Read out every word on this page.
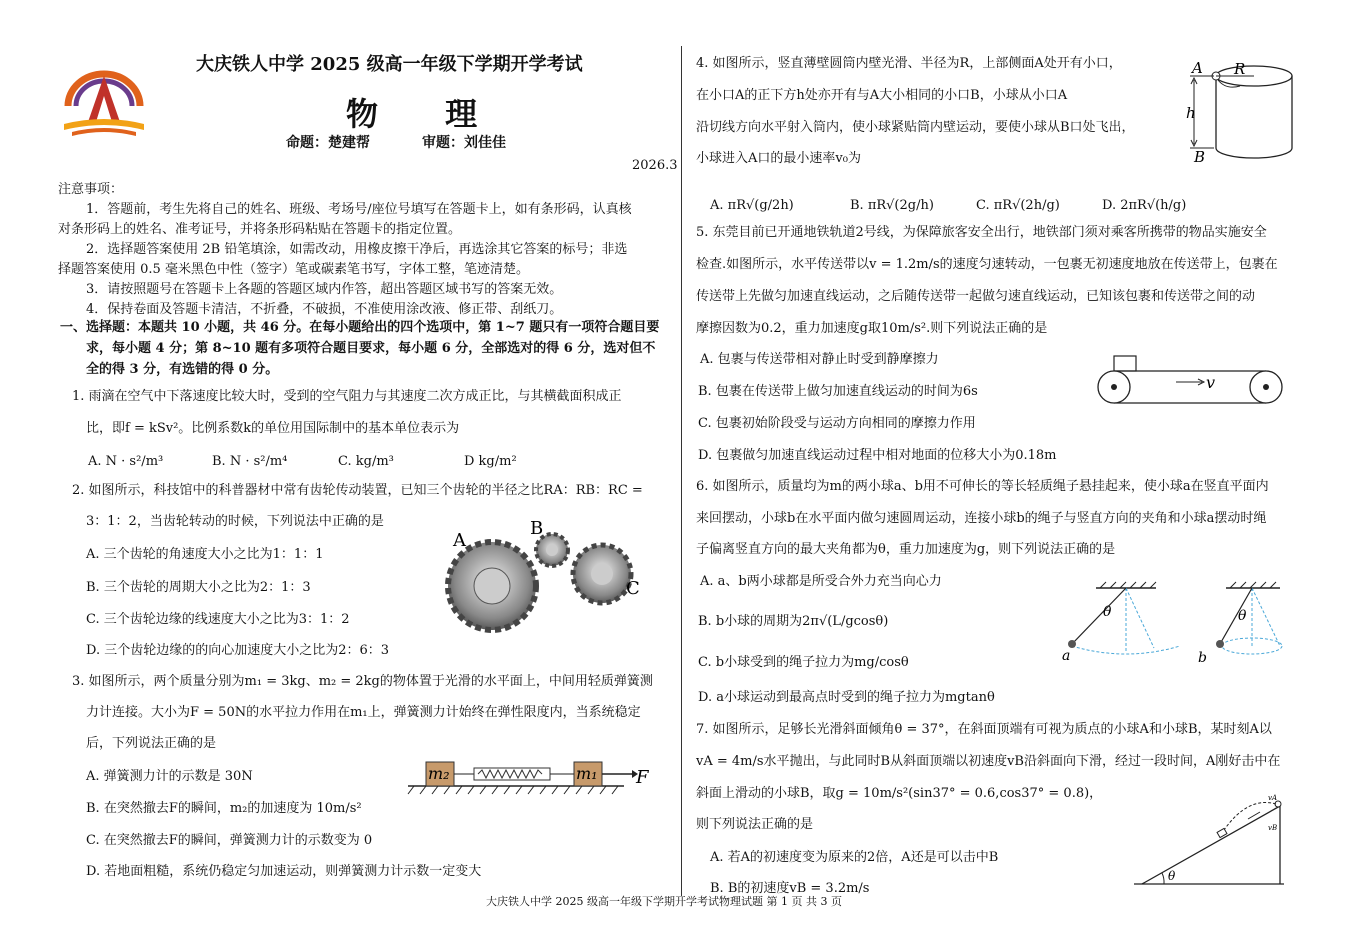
大庆铁人中学 2025 级高一年级下学期开学考试
物 理
命题：楚建帮	审题：刘佳佳
2026.3
注意事项：
1．答题前，考生先将自己的姓名、班级、考场号/座位号填写在答题卡上，如有条形码，认真核
对条形码上的姓名、准考证号，并将条形码粘贴在答题卡的指定位置。
2．选择题答案使用 2B 铅笔填涂，如需改动，用橡皮擦干净后，再选涂其它答案的标号；非选
择题答案使用 0.5 毫米黑色中性（签字）笔或碳素笔书写，字体工整，笔迹清楚。
3．请按照题号在答题卡上各题的答题区域内作答，超出答题区域书写的答案无效。
4．保持卷面及答题卡清洁，不折叠，不破损，不准使用涂改液、修正带、刮纸刀。
一、选择题：本题共 10 小题，共 46 分。在每小题给出的四个选项中，第 1~7 题只有一项符合题目要
求，每小题 4 分；第 8~10 题有多项符合题目要求，每小题 6 分，全部选对的得 6 分，选对但不
全的得 3 分，有选错的得 0 分。
1. 雨滴在空气中下落速度比较大时，受到的空气阻力与其速度二次方成正比，与其横截面积成正
比，即f = kSv²。比例系数k的单位用国际制中的基本单位表示为
A. N · s²/m³	B. N · s²/m⁴	C. kg/m³	D kg/m²
2. 如图所示，科技馆中的科普器材中常有齿轮传动装置，已知三个齿轮的半径之比RA：RB：RC =
3：1：2，当齿轮转动的时候，下列说法中正确的是
A. 三个齿轮的角速度大小之比为1：1：1
B. 三个齿轮的周期大小之比为2：1：3
C. 三个齿轮边缘的线速度大小之比为3：1：2
D. 三个齿轮边缘的的向心加速度大小之比为2：6：3
A
B
C
3. 如图所示，两个质量分别为m₁ = 3kg、m₂ = 2kg的物体置于光滑的水平面上，中间用轻质弹簧测
力计连接。大小为F = 50N的水平拉力作用在m₁上，弹簧测力计始终在弹性限度内，当系统稳定
后，下列说法正确的是
A. 弹簧测力计的示数是 30N
B. 在突然撤去F的瞬间，m₂的加速度为 10m/s²
C. 在突然撤去F的瞬间，弹簧测力计的示数变为 0
D. 若地面粗糙，系统仍稳定匀加速运动，则弹簧测力计示数一定变大
m₂	m₁ F
4. 如图所示，竖直薄壁圆筒内壁光滑、半径为R，上部侧面A处开有小口，
在小口A的正下方h处亦开有与A大小相同的小口B，小球从小口A
沿切线方向水平射入筒内，使小球紧贴筒内壁运动，要使小球从B口处飞出，
小球进入A口的最小速率v₀为
A. πR√(g/2h)	B. πR√(2g/h)	C. πR√(2h/g)	D. 2πR√(h/g)
A R
h
B
5. 东莞目前已开通地铁轨道2号线，为保障旅客安全出行，地铁部门须对乘客所携带的物品实施安全
检查.如图所示，水平传送带以v = 1.2m/s的速度匀速转动，一包裹无初速度地放在传送带上，包裹在
传送带上先做匀加速直线运动，之后随传送带一起做匀速直线运动，已知该包裹和传送带之间的动
摩擦因数为0.2，重力加速度g取10m/s².则下列说法正确的是
A. 包裹与传送带相对静止时受到静摩擦力
B. 包裹在传送带上做匀加速直线运动的时间为6s
C. 包裹初始阶段受与运动方向相同的摩擦力作用
D. 包裹做匀加速直线运动过程中相对地面的位移大小为0.18m
v
6. 如图所示，质量均为m的两小球a、b用不可伸长的等长轻质绳子悬挂起来，使小球a在竖直平面内
来回摆动，小球b在水平面内做匀速圆周运动，连接小球b的绳子与竖直方向的夹角和小球a摆动时绳
子偏离竖直方向的最大夹角都为θ，重力加速度为g，则下列说法正确的是
A. a、b两小球都是所受合外力充当向心力
B. b小球的周期为2π√(L/gcosθ)
C. b小球受到的绳子拉力为mg/cosθ
D. a小球运动到最高点时受到的绳子拉力为mgtanθ
a
θ
b
θ
7. 如图所示，足够长光滑斜面倾角θ = 37°，在斜面顶端有可视为质点的小球A和小球B，某时刻A以
vA = 4m/s水平抛出，与此同时B从斜面顶端以初速度vB沿斜面向下滑，经过一段时间，A刚好击中在
斜面上滑动的小球B，取g = 10m/s²(sin37° = 0.6,cos37° = 0.8)，
则下列说法正确的是
A. 若A的初速度变为原来的2倍，A还是可以击中B
B. B的初速度vB = 3.2m/s
θ
vA
vB
大庆铁人中学 2025 级高一年级下学期开学考试物理试题 第 1 页 共 3 页
